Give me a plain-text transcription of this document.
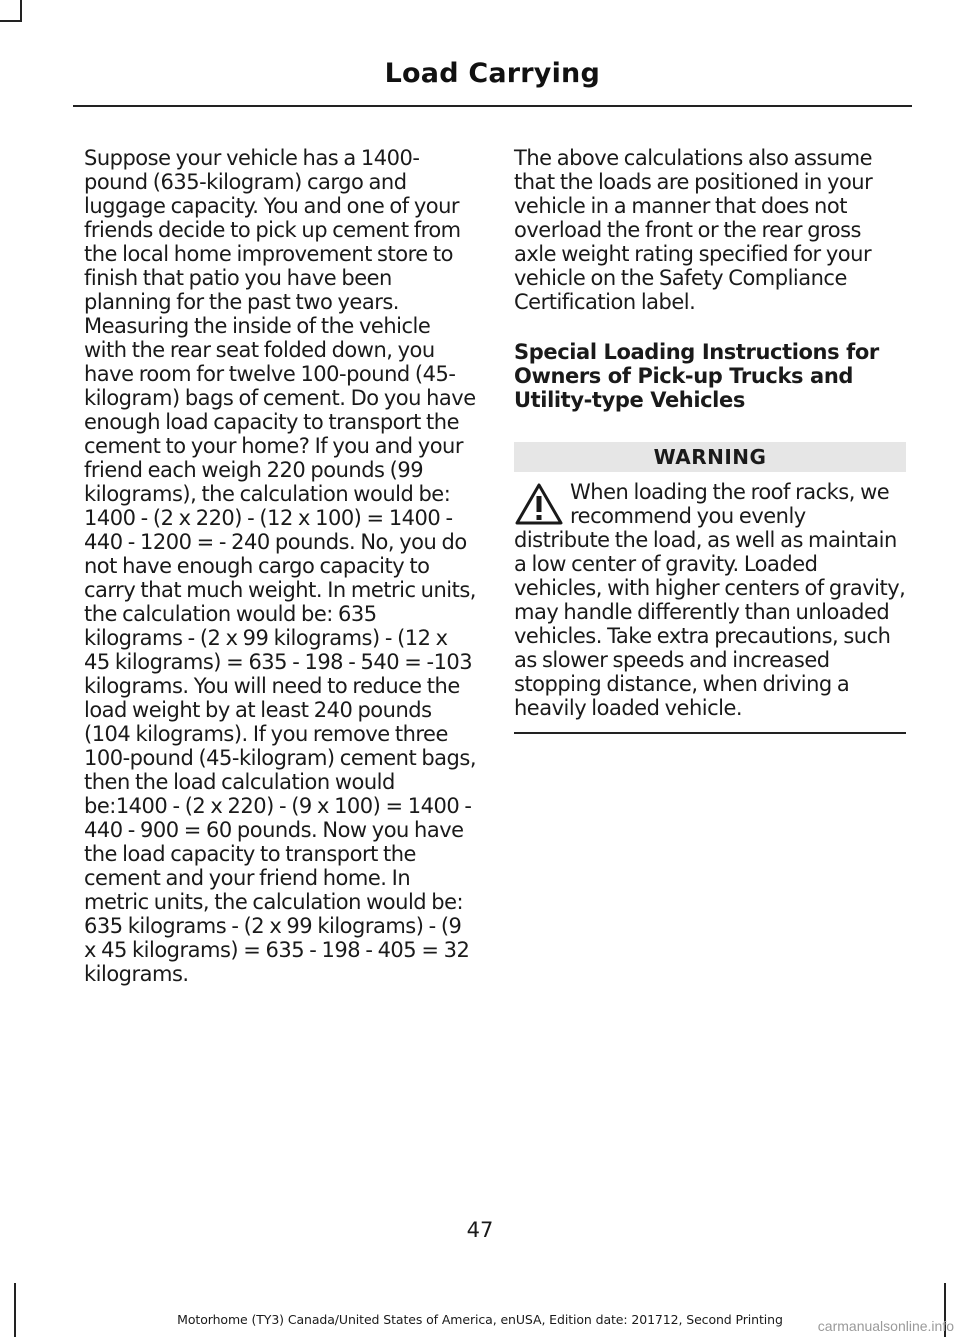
Load Carrying

Suppose your vehicle has a 1400-pound (635-kilogram) cargo and luggage capacity. You and one of your friends decide to pick up cement from the local home improvement store to finish that patio you have been planning for the past two years. Measuring the inside of the vehicle with the rear seat folded down, you have room for twelve 100-pound (45-kilogram) bags of cement. Do you have enough load capacity to transport the cement to your home? If you and your friend each weigh 220 pounds (99 kilograms), the calculation would be: 1400 - (2 x 220) - (12 x 100) = 1400 - 440 - 1200 = - 240 pounds. No, you do not have enough cargo capacity to carry that much weight. In metric units, the calculation would be: 635 kilograms - (2 x 99 kilograms) - (12 x 45 kilograms) = 635 - 198 - 540 = -103 kilograms. You will need to reduce the load weight by at least 240 pounds (104 kilograms). If you remove three 100-pound (45-kilogram) cement bags, then the load calculation would be:1400 - (2 x 220) - (9 x 100) = 1400 - 440 - 900 = 60 pounds. Now you have the load capacity to transport the cement and your friend home. In metric units, the calculation would be: 635 kilograms - (2 x 99 kilograms) - (9 x 45 kilograms) = 635 - 198 - 405 = 32 kilograms.

The above calculations also assume that the loads are positioned in your vehicle in a manner that does not overload the front or the rear gross axle weight rating specified for your vehicle on the Safety Compliance Certification label.

Special Loading Instructions for Owners of Pick-up Trucks and Utility-type Vehicles
WARNING
When loading the roof racks, we recommend you evenly distribute the load, as well as maintain a low center of gravity. Loaded vehicles, with higher centers of gravity, may handle differently than unloaded vehicles. Take extra precautions, such as slower speeds and increased stopping distance, when driving a heavily loaded vehicle.
47
Motorhome (TY3) Canada/United States of America, enUSA, Edition date: 201712, Second Printing	carmanualsonline.info
